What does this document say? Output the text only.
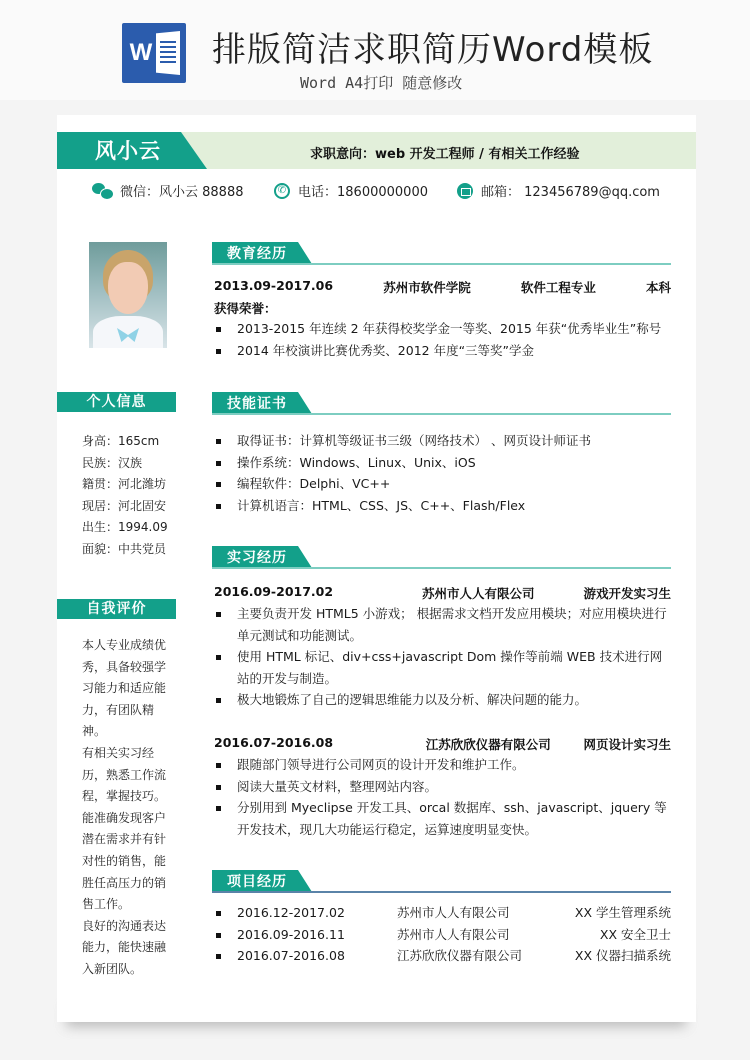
W 排版简洁求职简历Word模板
Word A4打印 随意修改
风小云	求职意向：web 开发工程师 / 有相关工作经验
微信：风小云 88888	✆ 电话：18600000000	邮箱： 123456789@qq.com
个人信息
身高：165cm
民族：汉族
籍贯：河北潍坊
现居：河北固安
出生：1994.09
面貌：中共党员
自我评价

本人专业成绩优秀，具备较强学习能力和适应能力，有团队精神。

有相关实习经历，熟悉工作流程，掌握技巧。

能准确发现客户潜在需求并有针对性的销售，能胜任高压力的销售工作。

良好的沟通表达能力，能快速融入新团队。

教育经历
2013.09-2017.06	苏州市软件学院	软件工程专业	本科
获得荣誉：
2013-2015 年连续 2 年获得校奖学金一等奖、2015 年获“优秀毕业生”称号
2014 年校演讲比赛优秀奖、2012 年度“三等奖”学金
技能证书
取得证书：计算机等级证书三级（网络技术） 、网页设计师证书
操作系统：Windows、Linux、Unix、iOS
编程软件：Delphi、VC++
计算机语言：HTML、CSS、JS、C++、Flash/Flex
实习经历
2016.09-2017.02	苏州市人人有限公司	游戏开发实习生
主要负责开发 HTML5 小游戏； 根据需求文档开发应用模块；对应用模块进行单元测试和功能测试。
使用 HTML 标记、div+css+javascript Dom 操作等前端 WEB 技术进行网站的开发与制造。
极大地锻炼了自己的逻辑思维能力以及分析、解决问题的能力。
2016.07-2016.08	江苏欣欣仪器有限公司	网页设计实习生
跟随部门领导进行公司网页的设计开发和维护工作。
阅读大量英文材料，整理网站内容。
分别用到 Myeclipse 开发工具、orcal 数据库、ssh、javascript、jquery 等开发技术，现几大功能运行稳定，运算速度明显变快。
项目经历
2016.12-2017.02	苏州市人人有限公司	XX 学生管理系统
2016.09-2016.11	苏州市人人有限公司	XX 安全卫士
2016.07-2016.08	江苏欣欣仪器有限公司	XX 仪器扫描系统
